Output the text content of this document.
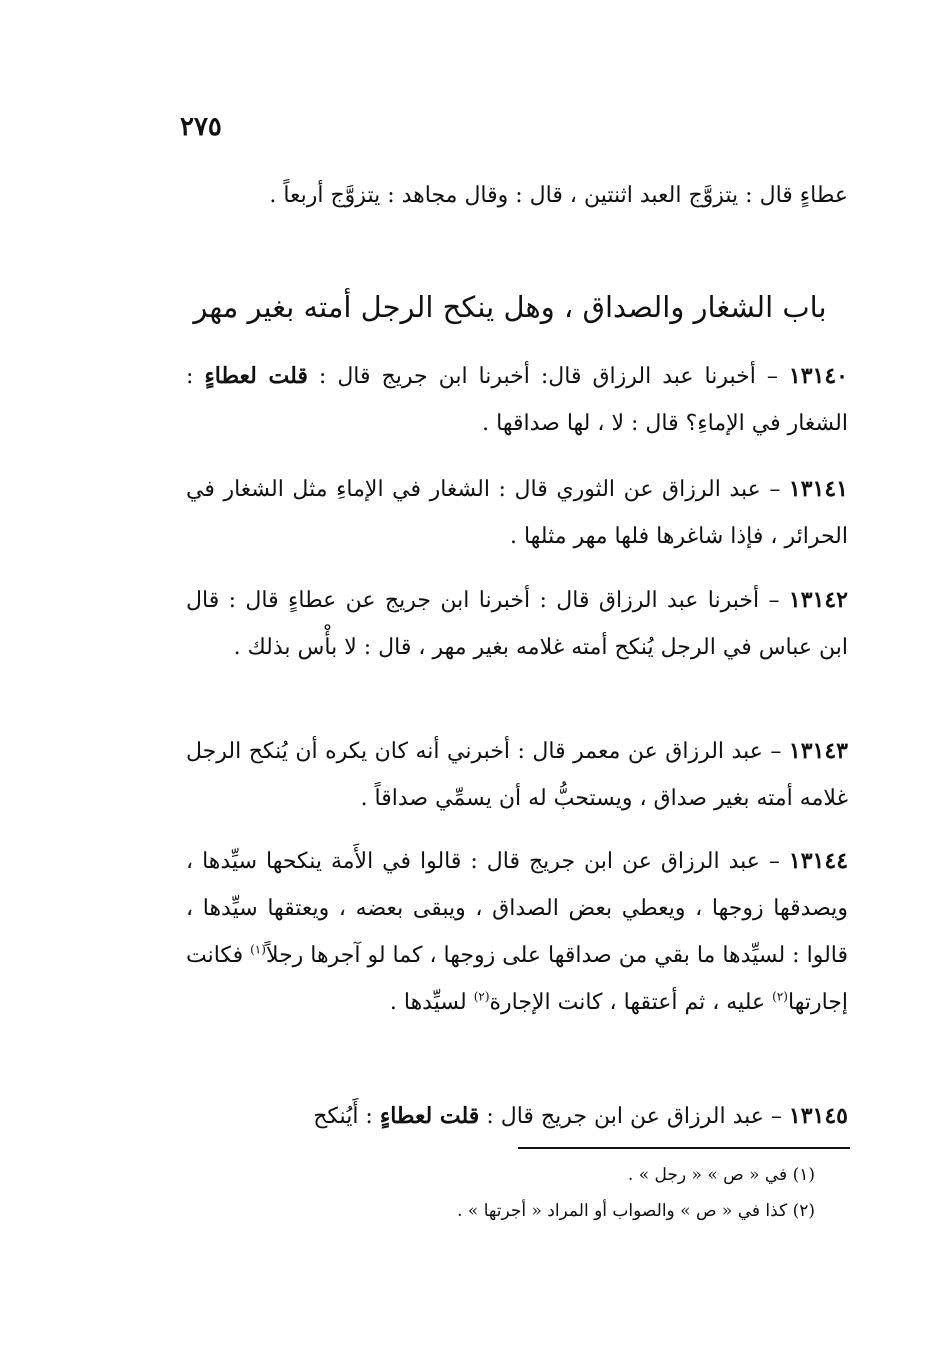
٢٧٥
عطاءٍ قال : يتزوَّج العبد اثنتين ، قال : وقال مجاهد : يتزوَّج أربعاً .
باب الشغار والصداق ، وهل ينكح الرجل أمته بغير مهر
١٣١٤٠ – أخبرنا عبد الرزاق قال: أخبرنا ابن جريج قال : قلت لعطاءٍ : الشغار في الإماءِ؟ قال : لا ، لها صداقها .
١٣١٤١ – عبد الرزاق عن الثوري قال : الشغار في الإماءِ مثل الشغار في الحرائر ، فإذا شاغرها فلها مهر مثلها .
١٣١٤٢ – أخبرنا عبد الرزاق قال : أخبرنا ابن جريج عن عطاءٍ قال : قال ابن عباس في الرجل يُنكح أمته غلامه بغير مهر ، قال : لا بأْس بذلك .
١٣١٤٣ – عبد الرزاق عن معمر قال : أخبرني أنه كان يكره أن يُنكح الرجل غلامه أمته بغير صداق ، ويستحبُّ له أن يسمِّي صداقاً .
١٣١٤٤ – عبد الرزاق عن ابن جريج قال : قالوا في الأَمة ينكحها سيِّدها ، ويصدقها زوجها ، ويعطي بعض الصداق ، ويبقى بعضه ، ويعتقها سيِّدها ، قالوا : لسيِّدها ما بقي من صداقها على زوجها ، كما لو آجرها رجلاً$^{(١)}$ فكانت إجارتها$^{(٢)}$ عليه ، ثم أعتقها ، كانت الإجارة$^{(٢)}$ لسيِّدها .
١٣١٤٥ – عبد الرزاق عن ابن جريج قال : قلت لعطاءٍ : أَيُنكح
(١) في « ص » « رجل » .
(٢) كذا في « ص » والصواب أو المراد « أجرتها » .
